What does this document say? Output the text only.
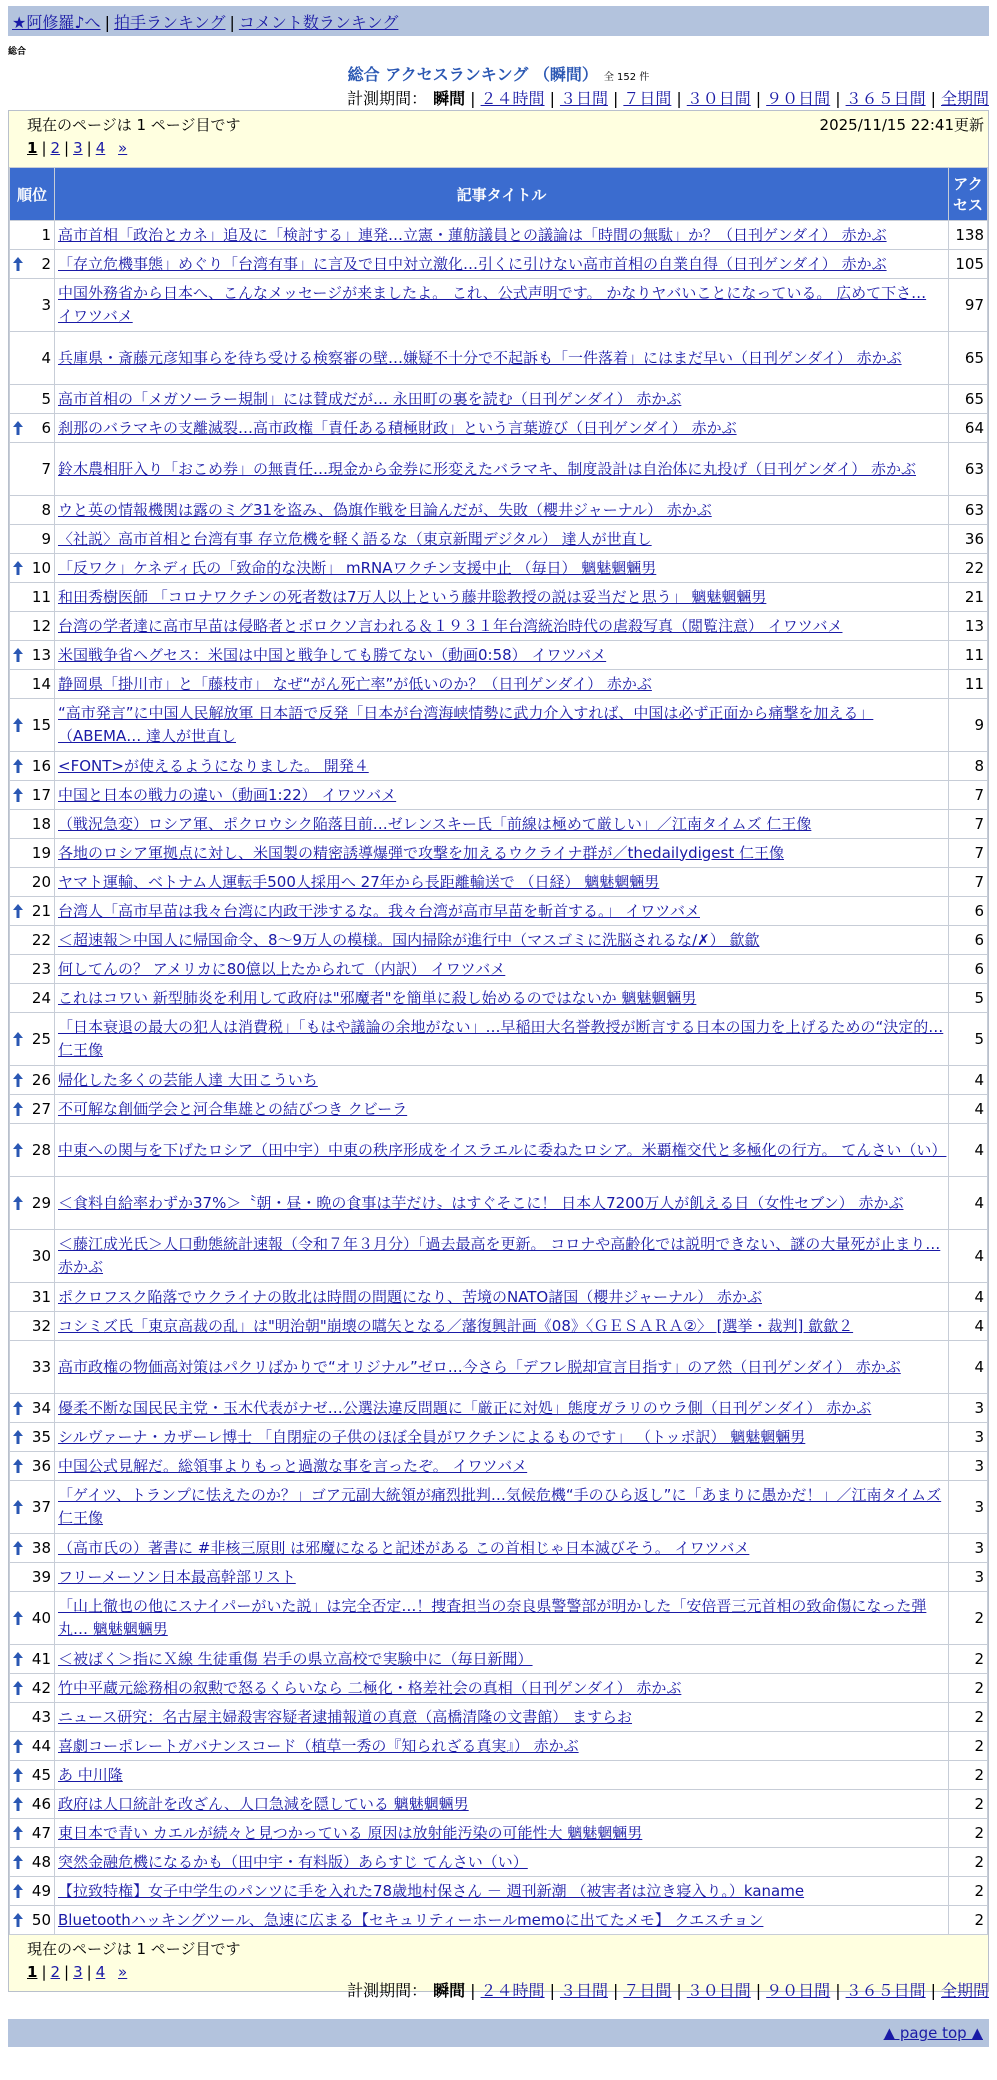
★阿修羅♪へ | 拍手ランキング | コメント数ランキング
総合
総合 アクセスランキング （瞬間） 全 152 件
計測期間： 瞬間 | ２４時間 | ３日間 | ７日間 | ３０日間 | ９０日間 | ３６５日間 | 全期間
現在のページは 1 ページ目です	2025/11/15 22:41更新
1 | 2 | 3 | 4 »
順位	記事タイトル	アクセス
1	高市首相「政治とカネ」追及に「検討する」連発…立憲・蓮舫議員との議論は「時間の無駄」か？（日刊ゲンダイ） 赤かぶ	138

2	「存立危機事態」めぐり「台湾有事」に言及で日中対立激化…引くに引けない高市首相の自業自得（日刊ゲンダイ） 赤かぶ	105
3	中国外務省から日本へ、こんなメッセージが来ましたよ。 これ、公式声明です。 かなりヤバいことになっている。 広めて下さ… イワツバメ	97
4	兵庫県・斎藤元彦知事らを待ち受ける検察審の壁…嫌疑不十分で不起訴も「一件落着」にはまだ早い（日刊ゲンダイ） 赤かぶ	65
5	高市首相の「メガソーラー規制」には賛成だが… 永田町の裏を読む（日刊ゲンダイ） 赤かぶ	65

6	刹那のバラマキの支離滅裂…高市政権「責任ある積極財政」という言葉遊び（日刊ゲンダイ） 赤かぶ	64
7	鈴木農相肝入り「おこめ券」の無責任…現金から金券に形変えたバラマキ、制度設計は自治体に丸投げ（日刊ゲンダイ） 赤かぶ	63
8	ウと英の情報機関は露のミグ31を盗み、偽旗作戦を目論んだが、失敗（櫻井ジャーナル） 赤かぶ	63
9	〈社説〉高市首相と台湾有事 存立危機を軽く語るな（東京新聞デジタル） 達人が世直し	36

10	「反ワク」ケネディ氏の「致命的な決断」 mRNAワクチン支援中止 （毎日） 魑魅魍魎男	22
11	和田秀樹医師 「コロナワクチンの死者数は7万人以上という藤井聡教授の説は妥当だと思う」 魑魅魍魎男	21
12	台湾の学者達に高市早苗は侵略者とボロクソ言われる＆１９３１年台湾統治時代の虐殺写真（閲覧注意） イワツバメ	13

13	米国戦争省ヘグセス：米国は中国と戦争しても勝てない（動画0:58） イワツバメ	11
14	静岡県「掛川市」と「藤枝市」 なぜ“がん死亡率”が低いのか？（日刊ゲンダイ） 赤かぶ	11

15	“高市発言”に中国人民解放軍 日本語で反発「日本が台湾海峡情勢に武力介入すれば、中国は必ず正面から痛撃を加える」（ABEMA… 達人が世直し	9

16	<FONT>が使えるようになりました。 開発４	8

17	中国と日本の戦力の違い（動画1:22） イワツバメ	7
18	（戦況急変）ロシア軍、ポクロウシク陥落目前…ゼレンスキー氏「前線は極めて厳しい」／江南タイムズ 仁王像	7
19	各地のロシア軍拠点に対し、米国製の精密誘導爆弾で攻撃を加えるウクライナ群が／thedailydigest 仁王像	7
20	ヤマト運輸、ベトナム人運転手500人採用へ 27年から長距離輸送で （日経） 魑魅魍魎男	7

21	台湾人「高市早苗は我々台湾に内政干渉するな。我々台湾が高市早苗を斬首する。」 イワツバメ	6
22	＜超速報＞中国人に帰国命令、8〜9万人の模様。国内掃除が進行中（マスゴミに洗脳されるな/✗） 歙歙	6
23	何してんの？ アメリカに80億以上たかられて（内訳） イワツバメ	6
24	これはコワい 新型肺炎を利用して政府は"邪魔者"を簡単に殺し始めるのではないか 魑魅魍魎男	5

25	「日本衰退の最大の犯人は消費税」「もはや議論の余地がない」…早稲田大名誉教授が断言する日本の国力を上げるための“決定的… 仁王像	5

26	帰化した多くの芸能人達 大田こういち	4

27	不可解な創価学会と河合隼雄との結びつき クビーラ	4

28	中東への関与を下げたロシア（田中宇）中東の秩序形成をイスラエルに委ねたロシア。米覇権交代と多極化の行方。 てんさい（い）	4

29	＜食料自給率わずか37%＞〝朝・昼・晩の食事は芋だけ〟はすぐそこに！ 日本人7200万人が飢える日（女性セブン） 赤かぶ	4
30	＜藤江成光氏＞人口動態統計速報（令和７年３月分）「過去最高を更新。 コロナや高齢化では説明できない、謎の大量死が止まり… 赤かぶ	4
31	ポクロフスク陥落でウクライナの敗北は時間の問題になり、苦境のNATO諸国（櫻井ジャーナル） 赤かぶ	4
32	コシミズ氏「東京高裁の乱」は"明治朝"崩壊の嚆矢となる／藩復興計画《08》〈ＧＥＳＡＲＡ②〉 [選挙・裁判] 歙歙２	4
33	高市政権の物価高対策はパクリばかりで“オリジナル”ゼロ…今さら「デフレ脱却宣言目指す」のア然（日刊ゲンダイ） 赤かぶ	4

34	優柔不断な国民民主党・玉木代表がナゼ…公選法違反問題に「厳正に対処」態度ガラリのウラ側（日刊ゲンダイ） 赤かぶ	3

35	シルヴァーナ・カザーレ博士 「自閉症の子供のほぼ全員がワクチンによるものです」 （トッポ訳） 魑魅魍魎男	3

36	中国公式見解だ。総領事よりもっと過激な事を言ったぞ。 イワツバメ	3

37	「ゲイツ、トランプに怯えたのか？」ゴア元副大統領が痛烈批判…気候危機“手のひら返し”に「あまりに愚かだ！」／江南タイムズ 仁王像	3

38	（高市氏の）著書に #非核三原則 は邪魔になると記述がある この首相じゃ日本滅びそう。 イワツバメ	3
39	フリーメーソン日本最高幹部リスト	3

40	「山上徹也の他にスナイパーがいた説」は完全否定…！捜査担当の奈良県警警部が明かした「安倍晋三元首相の致命傷になった弾丸… 魑魅魍魎男	2

41	＜被ばく＞指にＸ線 生徒重傷 岩手の県立高校で実験中に（毎日新聞）	2

42	竹中平蔵元総務相の叙勲で怒るくらいなら 二極化・格差社会の真相（日刊ゲンダイ） 赤かぶ	2
43	ニュース研究：名古屋主婦殺害容疑者逮捕報道の真意（高橋清隆の文書館） ますらお	2

44	喜劇コーポレートガバナンスコード（植草一秀の『知られざる真実』） 赤かぶ	2

45	あ 中川隆	2

46	政府は人口統計を改ざん、人口急減を隠している 魑魅魍魎男	2

47	東日本で青い カエルが続々と見つかっている 原因は放射能汚染の可能性大 魑魅魍魎男	2

48	突然金融危機になるかも（田中宇・有料版）あらすじ てんさい（い）	2

49	【拉致特権】女子中学生のパンツに手を入れた78歳地村保さん － 週刊新潮 （被害者は泣き寝入り。）kaname	2

50	Bluetoothハッキングツール、急速に広まる【セキュリティーホールmemoに出てたメモ】 クエスチョン	2
現在のページは 1 ページ目です
1 | 2 | 3 | 4 »
計測期間： 瞬間 | ２４時間 | ３日間 | ７日間 | ３０日間 | ９０日間 | ３６５日間 | 全期間
▲ page top ▲
